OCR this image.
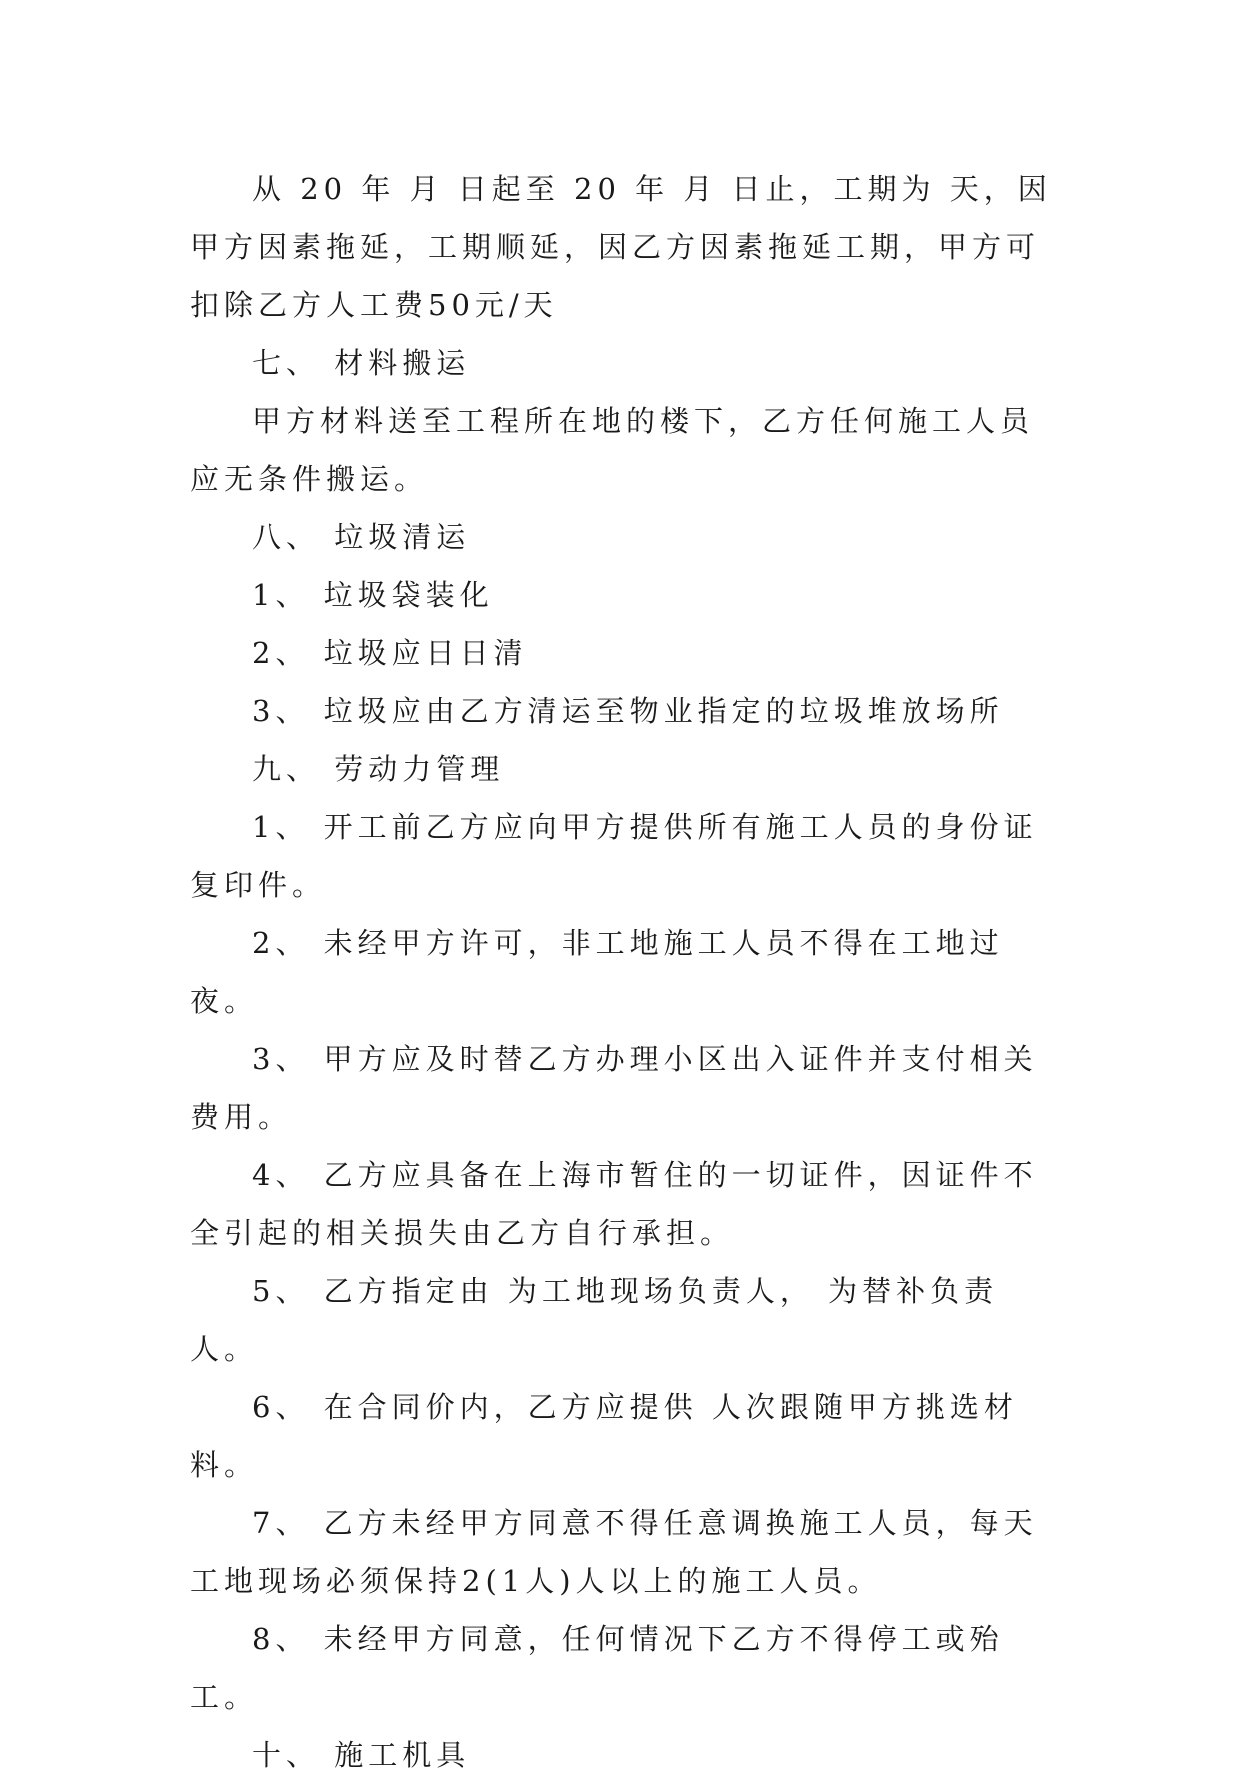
从 20 年 月 日起至 20 年 月 日止，工期为 天，因甲方因素拖延，工期顺延，因乙方因素拖延工期，甲方可扣除乙方人工费50元/天

七、 材料搬运

甲方材料送至工程所在地的楼下，乙方任何施工人员应无条件搬运。

八、 垃圾清运

1、 垃圾袋装化

2、 垃圾应日日清

3、 垃圾应由乙方清运至物业指定的垃圾堆放场所

九、 劳动力管理

1、 开工前乙方应向甲方提供所有施工人员的身份证复印件。

2、 未经甲方许可，非工地施工人员不得在工地过夜。

3、 甲方应及时替乙方办理小区出入证件并支付相关费用。

4、 乙方应具备在上海市暂住的一切证件，因证件不全引起的相关损失由乙方自行承担。

5、 乙方指定由 为工地现场负责人， 为替补负责人。

6、 在合同价内，乙方应提供 人次跟随甲方挑选材料。

7、 乙方未经甲方同意不得任意调换施工人员，每天工地现场必须保持2(1人)人以上的施工人员。

8、 未经甲方同意，任何情况下乙方不得停工或殆工。

十、 施工机具
